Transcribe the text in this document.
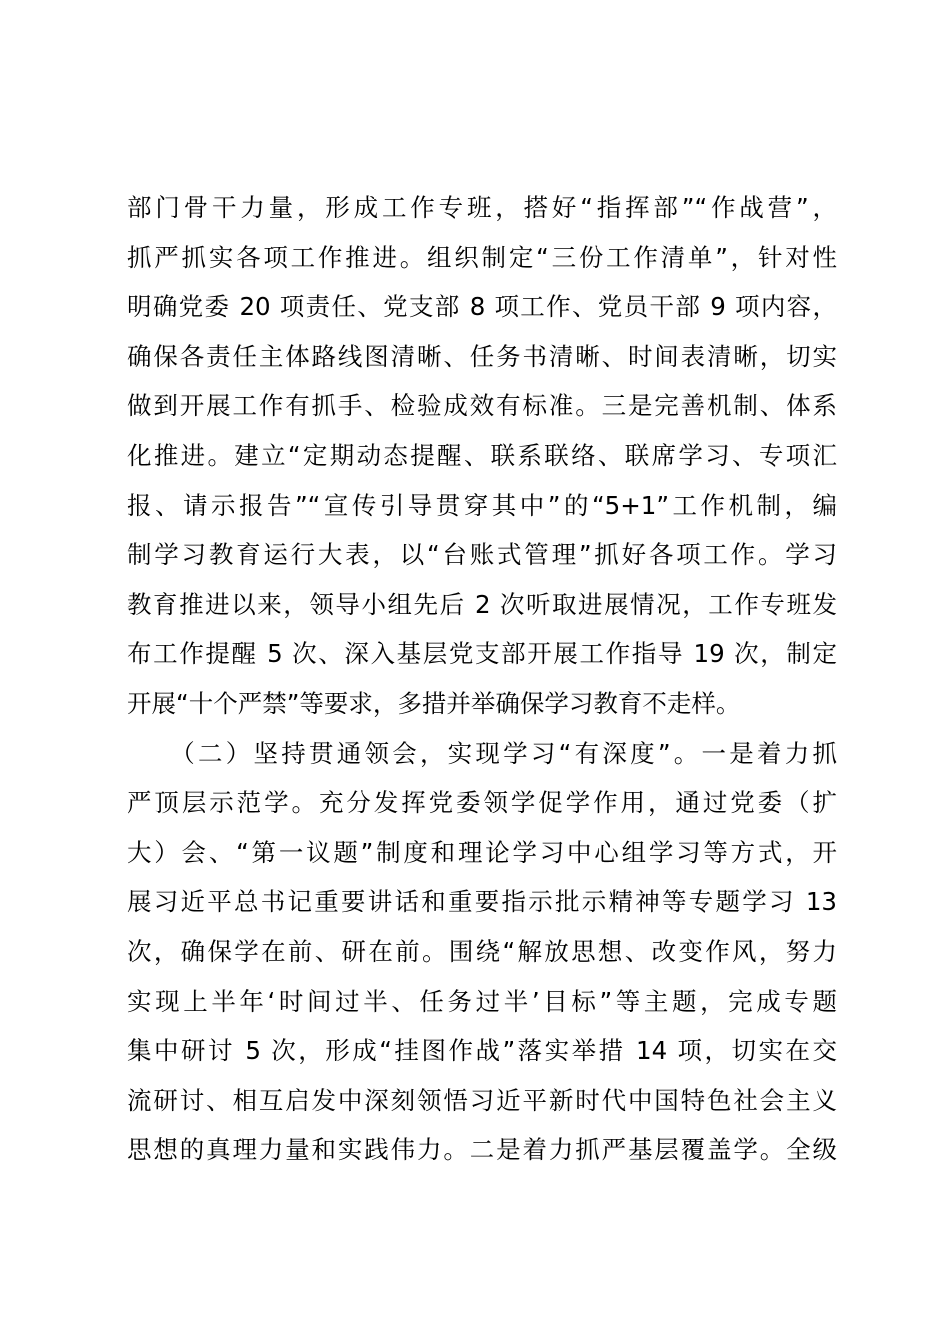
部门骨干力量，形成工作专班，搭好“指挥部”“作战营”，
抓严抓实各项工作推进。组织制定“三份工作清单”，针对性
明确党委 20 项责任、党支部 8 项工作、党员干部 9 项内容，
确保各责任主体路线图清晰、任务书清晰、时间表清晰，切实
做到开展工作有抓手、检验成效有标准。三是完善机制、体系
化推进。建立“定期动态提醒、联系联络、联席学习、专项汇
报、请示报告”“宣传引导贯穿其中”的“5+1”工作机制，编
制学习教育运行大表，以“台账式管理”抓好各项工作。学习
教育推进以来，领导小组先后 2 次听取进展情况，工作专班发
布工作提醒 5 次、深入基层党支部开展工作指导 19 次，制定
开展“十个严禁”等要求，多措并举确保学习教育不走样。
　　（二）坚持贯通领会，实现学习“有深度”。一是着力抓
严顶层示范学。充分发挥党委领学促学作用，通过党委（扩
大）会、“第一议题”制度和理论学习中心组学习等方式，开
展习近平总书记重要讲话和重要指示批示精神等专题学习 13
次，确保学在前、研在前。围绕“解放思想、改变作风，努力
实现上半年‘时间过半、任务过半’目标”等主题，完成专题
集中研讨 5 次，形成“挂图作战”落实举措 14 项，切实在交
流研讨、相互启发中深刻领悟习近平新时代中国特色社会主义
思想的真理力量和实践伟力。二是着力抓严基层覆盖学。全级
